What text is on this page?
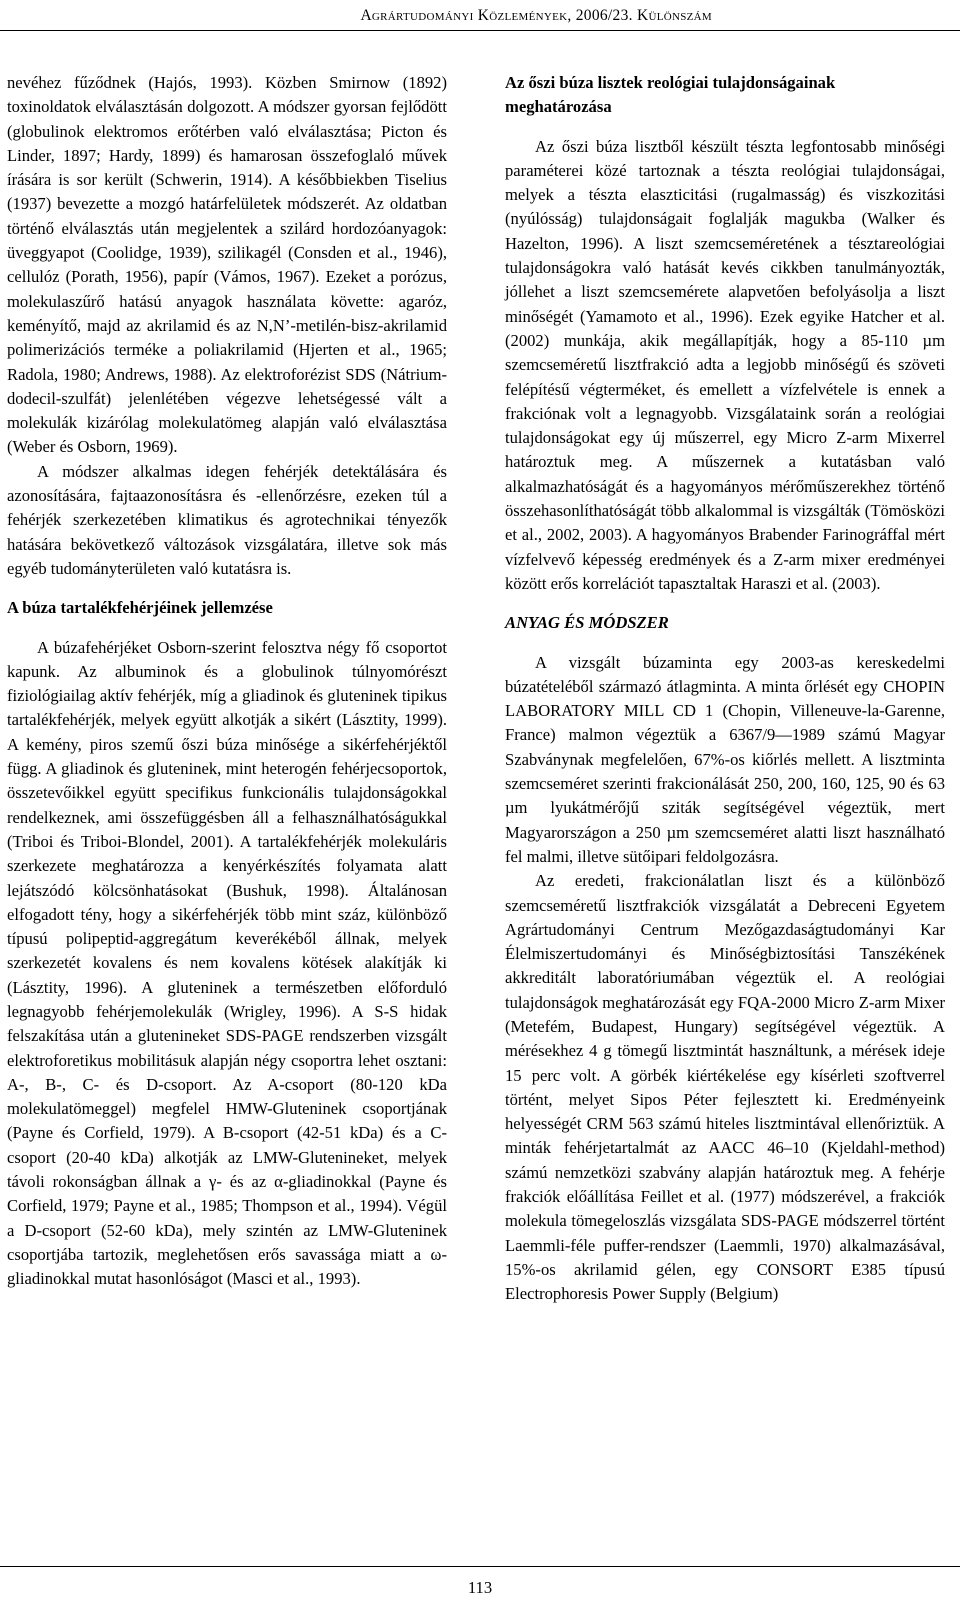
Agrártudományi Közlemények, 2006/23. Különszám

nevéhez fűződnek (Hajós, 1993). Közben Smirnow (1892) toxinoldatok elválasztásán dolgozott. A módszer gyorsan fejlődött (globulinok elektromos erőtérben való elválasztása; Picton és Linder, 1897; Hardy, 1899) és hamarosan összefoglaló művek írására is sor került (Schwerin, 1914). A későbbiekben Tiselius (1937) bevezette a mozgó határfelületek módszerét. Az oldatban történő elválasztás után megjelentek a szilárd hordozóanyagok: üveggyapot (Coolidge, 1939), szilikagél (Consden et al., 1946), cellulóz (Porath, 1956), papír (Vámos, 1967). Ezeket a porózus, molekulaszűrő hatású anyagok használata követte: agaróz, keményítő, majd az akrilamid és az N,N’-metilén-bisz-akrilamid polimerizációs terméke a poliakrilamid (Hjerten et al., 1965; Radola, 1980; Andrews, 1988). Az elektroforézist SDS (Nátrium-dodecil-szulfát) jelenlétében végezve lehetségessé vált a molekulák kizárólag molekulatömeg alapján való elválasztása (Weber és Osborn, 1969).

A módszer alkalmas idegen fehérjék detektálására és azonosítására, fajtaazonosításra és -ellenőrzésre, ezeken túl a fehérjék szerkezetében klimatikus és agrotechnikai tényezők hatására bekövetkező változások vizsgálatára, illetve sok más egyéb tudományterületen való kutatásra is.

A búza tartalékfehérjéinek jellemzése

A búzafehérjéket Osborn-szerint felosztva négy fő csoportot kapunk. Az albuminok és a globulinok túlnyomórészt fiziológiailag aktív fehérjék, míg a gliadinok és gluteninek tipikus tartalékfehérjék, melyek együtt alkotják a sikért (Lásztity, 1999). A kemény, piros szemű őszi búza minősége a sikérfehérjéktől függ. A gliadinok és gluteninek, mint heterogén fehérjecsoportok, összetevőikkel együtt specifikus funkcionális tulajdonságokkal rendelkeznek, ami összefüggésben áll a felhasználhatóságukkal (Triboi és Triboi-Blondel, 2001). A tartalékfehérjék molekuláris szerkezete meghatározza a kenyérkészítés folyamata alatt lejátszódó kölcsönhatásokat (Bushuk, 1998). Általánosan elfogadott tény, hogy a sikérfehérjék több mint száz, különböző típusú polipeptid-aggregátum keverékéből állnak, melyek szerkezetét kovalens és nem kovalens kötések alakítják ki (Lásztity, 1996). A gluteninek a természetben előforduló legnagyobb fehérjemolekulák (Wrigley, 1996). A S-S hidak felszakítása után a glutenineket SDS-PAGE rendszerben vizsgált elektroforetikus mobilitásuk alapján négy csoportra lehet osztani: A-, B-, C- és D-csoport. Az A-csoport (80-120 kDa molekulatömeggel) megfelel HMW-Gluteninek csoportjának (Payne és Corfield, 1979). A B-csoport (42-51 kDa) és a C-csoport (20-40 kDa) alkotják az LMW-Glutenineket, melyek távoli rokonságban állnak a γ- és az α-gliadinokkal (Payne és Corfield, 1979; Payne et al., 1985; Thompson et al., 1994). Végül a D-csoport (52-60 kDa), mely szintén az LMW-Gluteninek csoportjába tartozik, meglehetősen erős savassága miatt a ω-gliadinokkal mutat hasonlóságot (Masci et al., 1993).

Az őszi búza lisztek reológiai tulajdonságainak meghatározása

Az őszi búza lisztből készült tészta legfontosabb minőségi paraméterei közé tartoznak a tészta reológiai tulajdonságai, melyek a tészta elaszticitási (rugalmasság) és viszkozitási (nyúlósság) tulajdonságait foglalják magukba (Walker és Hazelton, 1996). A liszt szemcseméretének a tésztareológiai tulajdonságokra való hatását kevés cikkben tanulmányozták, jóllehet a liszt szemcsemérete alapvetően befolyásolja a liszt minőségét (Yamamoto et al., 1996). Ezek egyike Hatcher et al. (2002) munkája, akik megállapítják, hogy a 85-110 µm szemcseméretű lisztfrakció adta a legjobb minőségű és szöveti felépítésű végterméket, és emellett a vízfelvétele is ennek a frakciónak volt a legnagyobb. Vizsgálataink során a reológiai tulajdonságokat egy új műszerrel, egy Micro Z-arm Mixerrel határoztuk meg. A műszernek a kutatásban való alkalmazhatóságát és a hagyományos mérőműszerekhez történő összehasonlíthatóságát több alkalommal is vizsgálták (Tömösközi et al., 2002, 2003). A hagyományos Brabender Farinográffal mért vízfelvevő képesség eredmények és a Z-arm mixer eredményei között erős korrelációt tapasztaltak Haraszi et al. (2003).

ANYAG ÉS MÓDSZER

A vizsgált búzaminta egy 2003-as kereskedelmi búzatételéből származó átlagminta. A minta őrlését egy CHOPIN LABORATORY MILL CD 1 (Chopin, Villeneuve-la-Garenne, France) malmon végeztük a 6367/9—1989 számú Magyar Szabványnak megfelelően, 67%-os kiőrlés mellett. A lisztminta szemcseméret szerinti frakcionálását 250, 200, 160, 125, 90 és 63 µm lyukátmérőjű sziták segítségével végeztük, mert Magyarországon a 250 µm szemcseméret alatti liszt használható fel malmi, illetve sütőipari feldolgozásra.

Az eredeti, frakcionálatlan liszt és a különböző szemcseméretű lisztfrakciók vizsgálatát a Debreceni Egyetem Agrártudományi Centrum Mezőgazdaságtudományi Kar Élelmiszertudományi és Minőségbiztosítási Tanszékének akkreditált laboratóriumában végeztük el. A reológiai tulajdonságok meghatározását egy FQA-2000 Micro Z-arm Mixer (Metefém, Budapest, Hungary) segítségével végeztük. A mérésekhez 4 g tömegű lisztmintát használtunk, a mérések ideje 15 perc volt. A görbék kiértékelése egy kísérleti szoftverrel történt, melyet Sipos Péter fejlesztett ki. Eredményeink helyességét CRM 563 számú hiteles lisztmintával ellenőriztük. A minták fehérjetartalmát az AACC 46–10 (Kjeldahl-method) számú nemzetközi szabvány alapján határoztuk meg. A fehérje frakciók előállítása Feillet et al. (1977) módszerével, a frakciók molekula tömegeloszlás vizsgálata SDS-PAGE módszerrel történt Laemmli-féle puffer-rendszer (Laemmli, 1970) alkalmazásával, 15%-os akrilamid gélen, egy CONSORT E385 típusú Electrophoresis Power Supply (Belgium)

113
